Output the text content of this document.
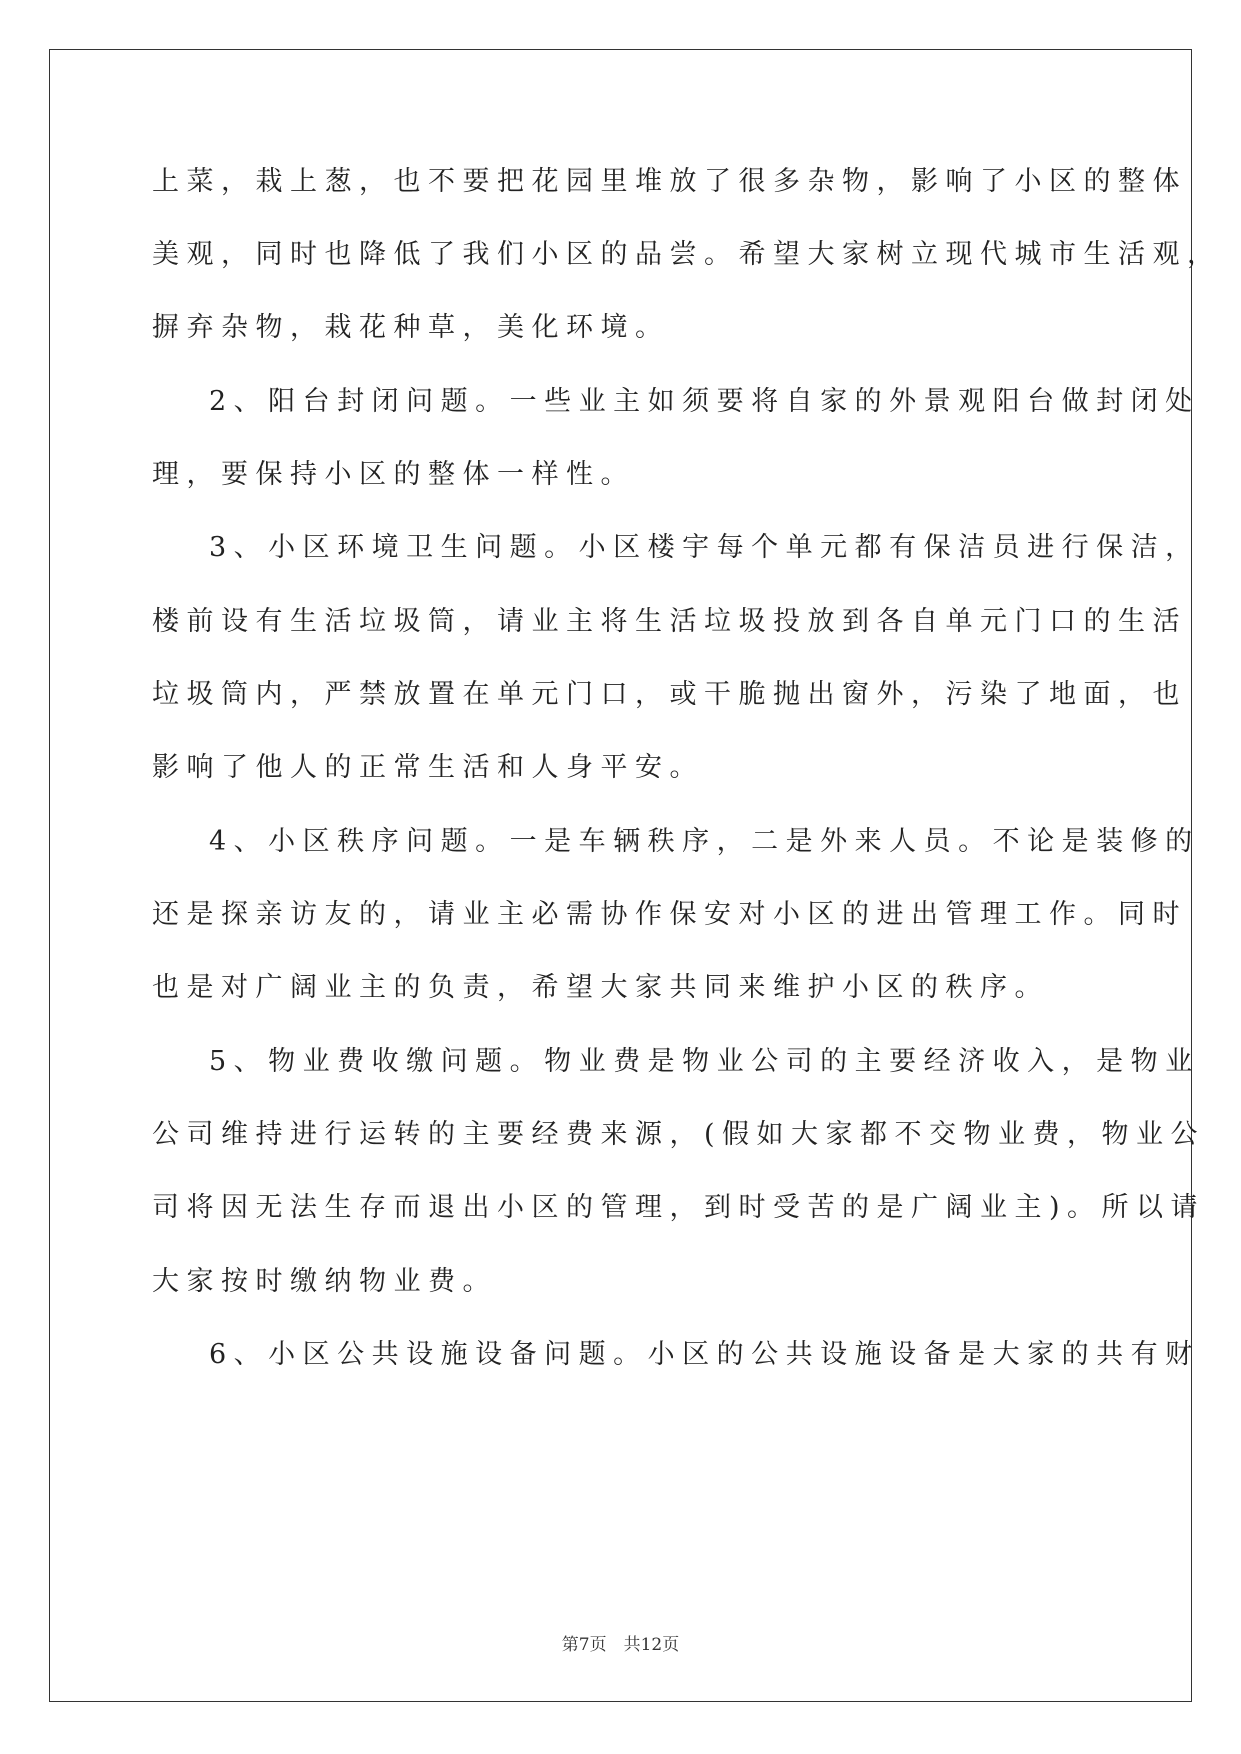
上菜，栽上葱，也不要把花园里堆放了很多杂物，影响了小区的整体
美观，同时也降低了我们小区的品尝。希望大家树立现代城市生活观，
摒弃杂物，栽花种草，美化环境。
2、阳台封闭问题。一些业主如须要将自家的外景观阳台做封闭处
理，要保持小区的整体一样性。
3、小区环境卫生问题。小区楼宇每个单元都有保洁员进行保洁，
楼前设有生活垃圾筒，请业主将生活垃圾投放到各自单元门口的生活
垃圾筒内，严禁放置在单元门口，或干脆抛出窗外，污染了地面，也
影响了他人的正常生活和人身平安。
4、小区秩序问题。一是车辆秩序，二是外来人员。不论是装修的
还是探亲访友的，请业主必需协作保安对小区的进出管理工作。同时
也是对广阔业主的负责，希望大家共同来维护小区的秩序。
5、物业费收缴问题。物业费是物业公司的主要经济收入，是物业
公司维持进行运转的主要经费来源，(假如大家都不交物业费，物业公
司将因无法生存而退出小区的管理，到时受苦的是广阔业主)。所以请
大家按时缴纳物业费。
6、小区公共设施设备问题。小区的公共设施设备是大家的共有财
第7页　共12页
